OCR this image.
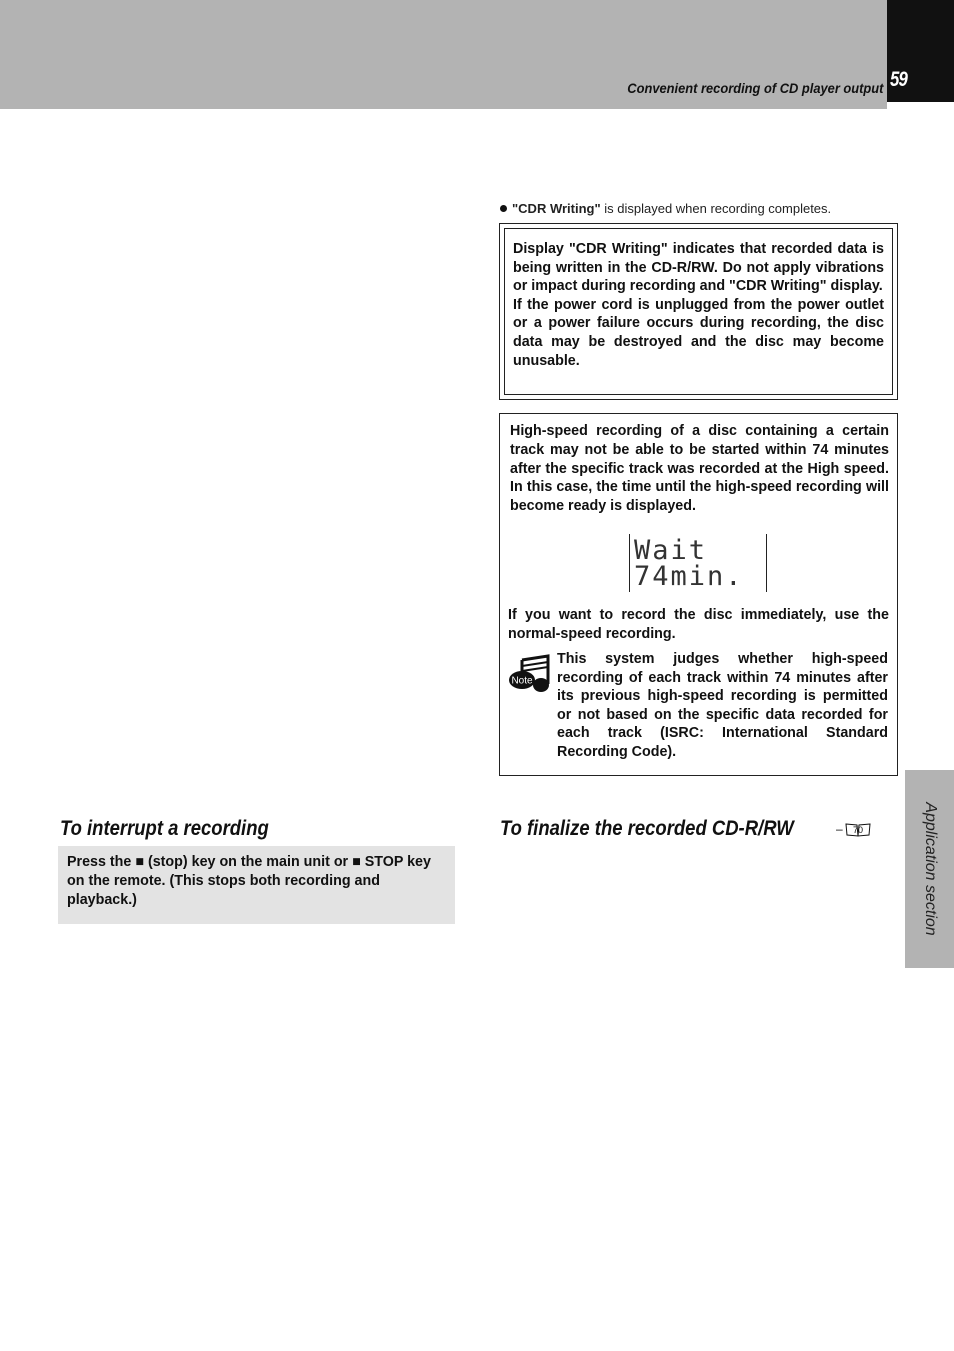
Convenient recording of CD player output 59
Application section
"CDR Writing" is displayed when recording completes.
Display "CDR Writing" indicates that recorded data is being written in the CD-R/RW. Do not apply vibrations or impact during recording and "CDR Writing" display.
If the power cord is unplugged from the power outlet or a power failure occurs during recording, the disc data may be destroyed and the disc may become unusable.
High-speed recording of a disc containing a certain track may not be able to be started within 74 minutes after the specific track was recorded at the High speed. In this case, the time until the high-speed recording will become ready is displayed.
Wait
74min.
If you want to record the disc immediately, use the normal-speed recording.
Note
This system judges whether high-speed recording of each track within 74 minutes after its previous high-speed recording is permitted or not based on the specific data recorded for each track (ISRC: International Standard Recording Code).
To interrupt a recording
Press the ■ (stop) key on the main unit or ■ STOP key on the remote. (This stops both recording and playback.)
To finalize the recorded CD-R/RW	– 70
